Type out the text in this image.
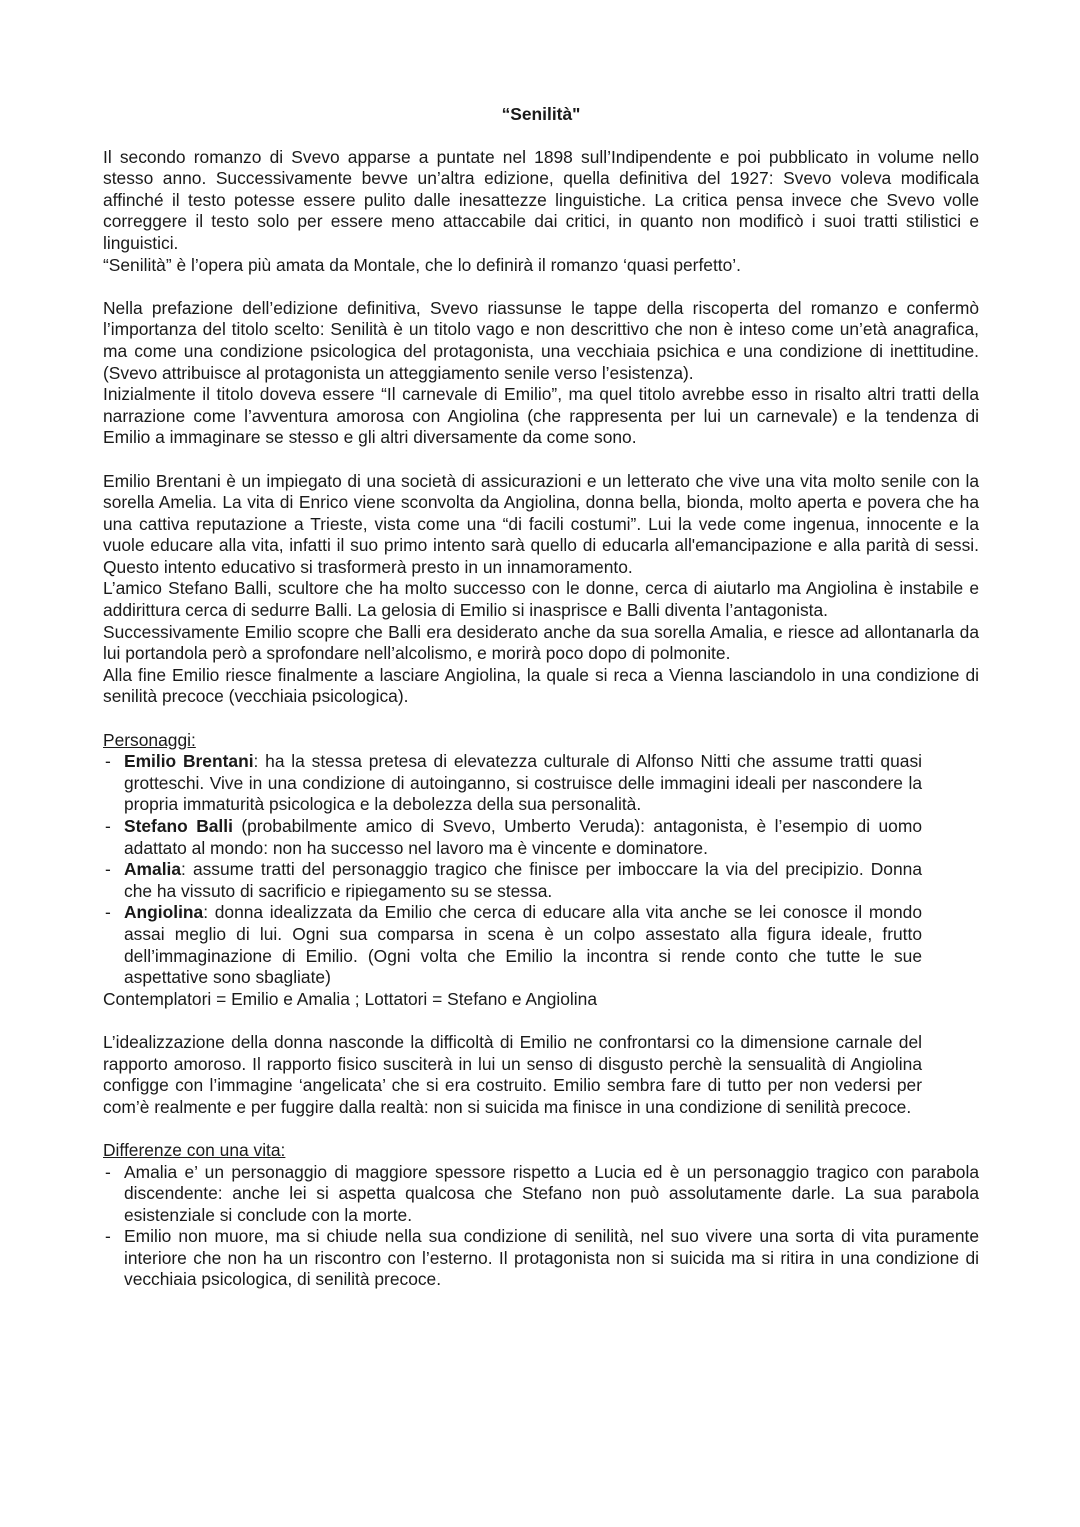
“Senilità"

Il secondo romanzo di Svevo apparse a puntate nel 1898 sull’Indipendente e poi pubblicato in volume nello stesso anno. Successivamente bevve un’altra edizione, quella definitiva del 1927: Svevo voleva modificala affinché il testo potesse essere pulito dalle inesattezze linguistiche. La critica pensa invece che Svevo volle correggere il testo solo per essere meno attaccabile dai critici, in quanto non modificò i suoi tratti stilistici e linguistici.

“Senilità” è l’opera più amata da Montale, che lo definirà il romanzo ‘quasi perfetto’.

Nella prefazione dell’edizione definitiva, Svevo riassunse le tappe della riscoperta del romanzo e confermò l’importanza del titolo scelto: Senilità è un titolo vago e non descrittivo che non è inteso come un’età anagrafica, ma come una condizione psicologica del protagonista, una vecchiaia psichica e una condizione di inettitudine. (Svevo attribuisce al protagonista un atteggiamento senile verso l’esistenza).

Inizialmente il titolo doveva essere “Il carnevale di Emilio”, ma quel titolo avrebbe esso in risalto altri tratti della narrazione come l’avventura amorosa con Angiolina (che rappresenta per lui un carnevale) e la tendenza di Emilio a immaginare se stesso e gli altri diversamente da come sono.

Emilio Brentani è un impiegato di una società di assicurazioni e un letterato che vive una vita molto senile con la sorella Amelia. La vita di Enrico viene sconvolta da Angiolina, donna bella, bionda, molto aperta e povera che ha una cattiva reputazione a Trieste, vista come una “di facili costumi”. Lui la vede come ingenua, innocente e la vuole educare alla vita, infatti il suo primo intento sarà quello di educarla all'emancipazione e alla parità di sessi. Questo intento educativo si trasformerà presto in un innamoramento.

L’amico Stefano Balli, scultore che ha molto successo con le donne, cerca di aiutarlo ma Angiolina è instabile e addirittura cerca di sedurre Balli. La gelosia di Emilio si inasprisce e Balli diventa l’antagonista.

Successivamente Emilio scopre che Balli era desiderato anche da sua sorella Amalia, e riesce ad allontanarla da lui portandola però a sprofondare nell’alcolismo, e morirà poco dopo di polmonite.

Alla fine Emilio riesce finalmente a lasciare Angiolina, la quale si reca a Vienna lasciandolo in una condizione di senilità precoce (vecchiaia psicologica).

Personaggi:

- Emilio Brentani: ha la stessa pretesa di elevatezza culturale di Alfonso Nitti che assume tratti quasi grotteschi. Vive in una condizione di autoinganno, si costruisce delle immagini ideali per nascondere la propria immaturità psicologica e la debolezza della sua personalità.
- Stefano Balli (probabilmente amico di Svevo, Umberto Veruda): antagonista, è l’esempio di uomo adattato al mondo: non ha successo nel lavoro ma è vincente e dominatore.
- Amalia: assume tratti del personaggio tragico che finisce per imboccare la via del precipizio. Donna che ha vissuto di sacrificio e ripiegamento su se stessa.
- Angiolina: donna idealizzata da Emilio che cerca di educare alla vita anche se lei conosce il mondo assai meglio di lui. Ogni sua comparsa in scena è un colpo assestato alla figura ideale, frutto dell’immaginazione di Emilio. (Ogni volta che Emilio la incontra si rende conto che tutte le sue aspettative sono sbagliate)

Contemplatori = Emilio e Amalia ; Lottatori = Stefano e Angiolina

L’idealizzazione della donna nasconde la difficoltà di Emilio ne confrontarsi co la dimensione carnale del rapporto amoroso. Il rapporto fisico susciterà in lui un senso di disgusto perchè la sensualità di Angiolina configge con l’immagine ‘angelicata’ che si era costruito. Emilio sembra fare di tutto per non vedersi per com’è realmente e per fuggire dalla realtà: non si suicida ma finisce in una condizione di senilità precoce.

Differenze con una vita:

- Amalia e’ un personaggio di maggiore spessore rispetto a Lucia ed è un personaggio tragico con parabola discendente: anche lei si aspetta qualcosa che Stefano non può assolutamente darle. La sua parabola esistenziale si conclude con la morte.
- Emilio non muore, ma si chiude nella sua condizione di senilità, nel suo vivere una sorta di vita puramente interiore che non ha un riscontro con l’esterno. Il protagonista non si suicida ma si ritira in una condizione di vecchiaia psicologica, di senilità precoce.
